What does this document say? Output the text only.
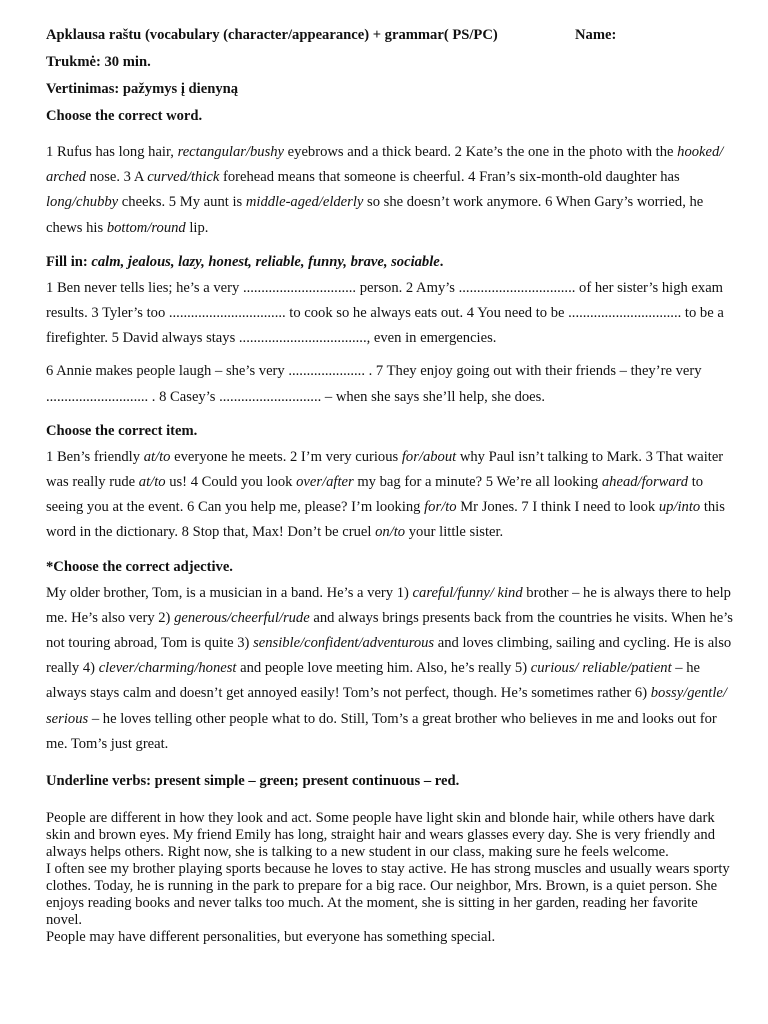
Apklausa raštu (vocabulary (character/appearance) + grammar( PS/PC)	Name:
Trukmė: 30 min.
Vertinimas: pažymys į dienyną
Choose the correct word.
1 Rufus has long hair, rectangular/bushy eyebrows and a thick beard. 2 Kate’s the one in the photo with the hooked/ arched nose. 3 A curved/thick forehead means that someone is cheerful. 4 Fran’s six-month-old daughter has long/chubby cheeks. 5 My aunt is middle-aged/elderly so she doesn’t work anymore. 6 When Gary’s worried, he chews his bottom/round lip.
Fill in: calm, jealous, lazy, honest, reliable, funny, brave, sociable.
1 Ben never tells lies; he’s a very ............................... person. 2 Amy’s ................................ of her sister’s high exam results. 3 Tyler’s too ................................ to cook so he always eats out. 4 You need to be ............................... to be a firefighter. 5 David always stays ..................................., even in emergencies.
6 Annie makes people laugh – she’s very ..................... . 7 They enjoy going out with their friends – they’re very ............................ . 8 Casey’s ............................ – when she says she’ll help, she does.
Choose the correct item.
1 Ben’s friendly at/to everyone he meets. 2 I’m very curious for/about why Paul isn’t talking to Mark. 3 That waiter was really rude at/to us! 4 Could you look over/after my bag for a minute? 5 We’re all looking ahead/forward to seeing you at the event. 6 Can you help me, please? I’m looking for/to Mr Jones. 7 I think I need to look up/into this word in the dictionary. 8 Stop that, Max! Don’t be cruel on/to your little sister.
*Choose the correct adjective.
My older brother, Tom, is a musician in a band. He’s a very 1) careful/funny/ kind brother – he is always there to help me. He’s also very 2) generous/cheerful/rude and always brings presents back from the countries he visits. When he’s not touring abroad, Tom is quite 3) sensible/confident/adventurous and loves climbing, sailing and cycling. He is also really 4) clever/charming/honest and people love meeting him. Also, he’s really 5) curious/ reliable/patient – he always stays calm and doesn’t get annoyed easily! Tom’s not perfect, though. He’s sometimes rather 6) bossy/gentle/ serious – he loves telling other people what to do. Still, Tom’s a great brother who believes in me and looks out for me. Tom’s just great.
Underline verbs: present simple – green; present continuous – red.
People are different in how they look and act. Some people have light skin and blonde hair, while others have dark skin and brown eyes. My friend Emily has long, straight hair and wears glasses every day. She is very friendly and always helps others. Right now, she is talking to a new student in our class, making sure he feels welcome.
I often see my brother playing sports because he loves to stay active. He has strong muscles and usually wears sporty clothes. Today, he is running in the park to prepare for a big race. Our neighbor, Mrs. Brown, is a quiet person. She enjoys reading books and never talks too much. At the moment, she is sitting in her garden, reading her favorite novel.
People may have different personalities, but everyone has something special.
